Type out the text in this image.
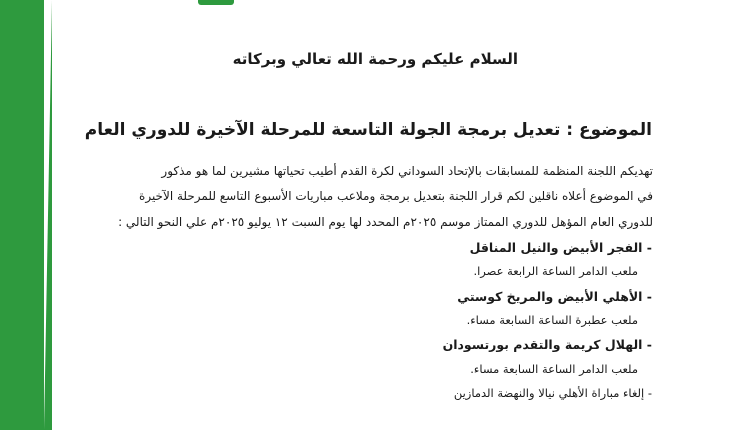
السلام عليكم ورحمة الله تعالي وبركاته
الموضوع : تعديل برمجة الجولة التاسعة للمرحلة الآخيرة للدوري العام
تهديكم اللجنة المنظمة للمسابقات بالإتحاد السوداني لكرة القدم أطيب تحياتها مشيرين لما هو مذكور
في الموضوع أعلاه ناقلين لكم قرار اللجنة بتعديل برمجة وملاعب مباريات الأسبوع التاسع للمرحلة الآخيرة
للدوري العام المؤهل للدوري الممتاز موسم ٢٠٢٥م المحدد لها يوم السبت ١٢ يوليو ٢٠٢٥م علي النحو التالي :
- الفجر الأبيض والنيل المناقل
ملعب الدامر الساعة الرابعة عصرا.
- الأهلي الأبيض والمريخ كوستي
ملعب عطبرة الساعة السابعة مساء.
- الهلال كريمة والتقدم بورتسودان
ملعب الدامر الساعة السابعة مساء.
- إلغاء مباراة الأهلي نيالا والنهضة الدمازين
